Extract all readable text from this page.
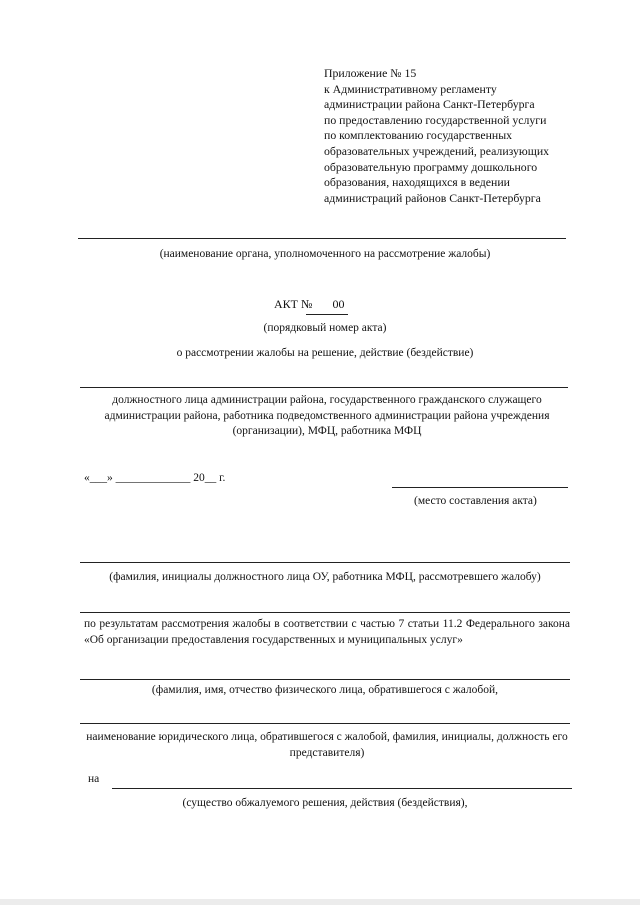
Приложение № 15
к Административному регламенту
администрации района Санкт-Петербурга
по предоставлению государственной услуги
по комплектованию государственных
образовательных учреждений, реализующих
образовательную программу дошкольного
образования, находящихся в ведении
администраций районов Санкт-Петербурга
(наименование органа, уполномоченного на рассмотрение жалобы)
АКТ № 00
(порядковый номер акта)
о рассмотрении жалобы на решение, действие (бездействие)
должностного лица администрации района, государственного гражданского служащего администрации района, работника подведомственного администрации района учреждения (организации), МФЦ, работника МФЦ
«___» _____________ 20__ г.
(место составления акта)
(фамилия, инициалы должностного лица ОУ, работника МФЦ, рассмотревшего жалобу)
по результатам рассмотрения жалобы в соответствии с частью 7 статьи 11.2 Федерального закона «Об организации предоставления государственных и муниципальных услуг»
(фамилия, имя, отчество физического лица, обратившегося с жалобой,
наименование юридического лица, обратившегося с жалобой, фамилия, инициалы, должность его представителя)
на
(существо обжалуемого решения, действия (бездействия),
